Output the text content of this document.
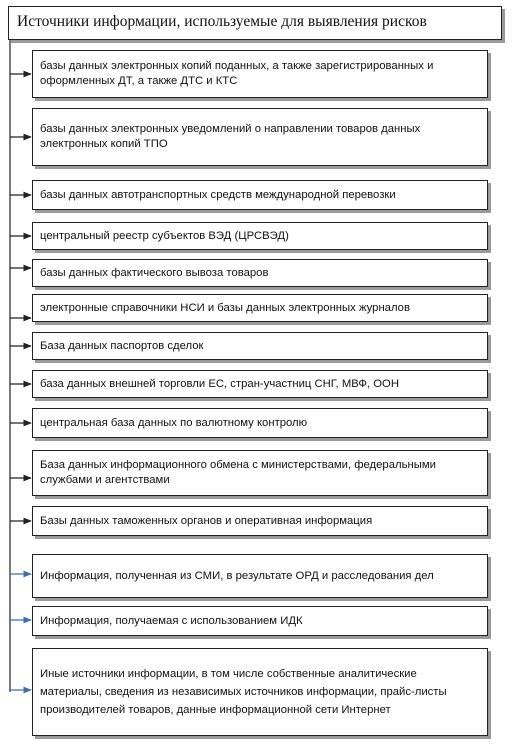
Источники информации, используемые для выявления рисков
базы данных электронных копий поданных, а также зарегистрированных и оформленных ДТ, а также ДТС и КТС
базы данных электронных уведомлений о направлении товаров данных электронных копий ТПО
базы данных автотранспортных средств международной перевозки
центральный реестр субъектов ВЭД (ЦРСВЭД)
базы данных фактического вывоза товаров
электронные справочники НСИ и базы данных электронных журналов
База данных паспортов сделок
база данных внешней торговли ЕС, стран-участниц СНГ, МВФ, ООН
центральная база данных по валютному контролю
База данных информационного обмена с министерствами, федеральными службами и агентствами
Базы данных таможенных органов и оперативная информация
Информация, полученная из СМИ, в результате ОРД и расследования дел
Информация, получаемая с использованием ИДК
Иные источники информации, в том числе собственные аналитические материалы, сведения из независимых источников информации, прайс-листы производителей товаров, данные информационной сети Интернет
